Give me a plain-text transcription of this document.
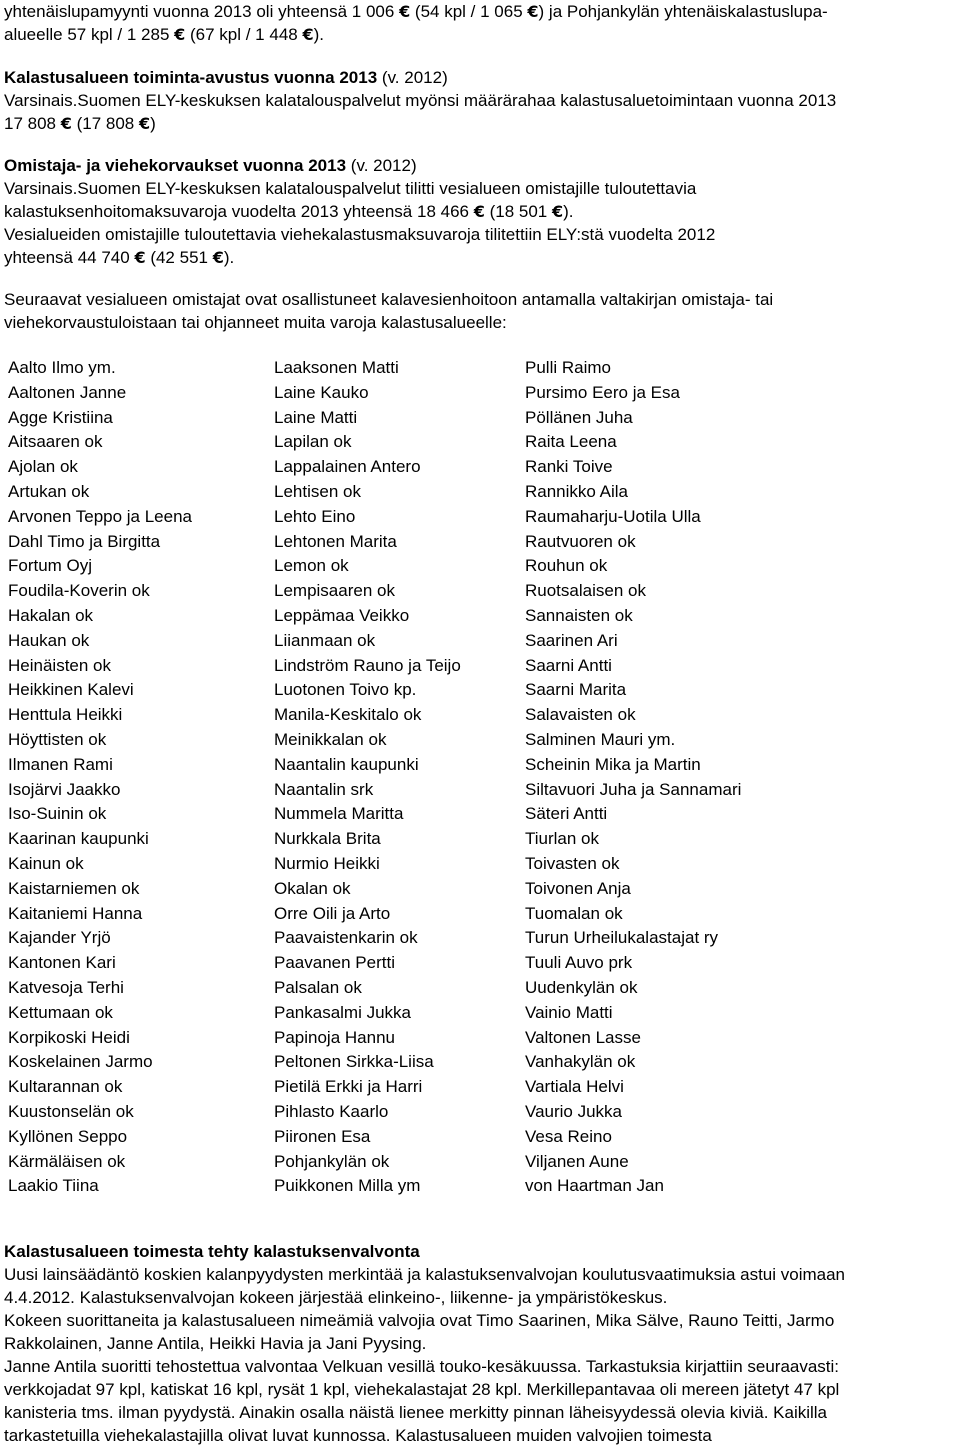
yhtenäislupamyynti vuonna 2013 oli yhteensä 1 006 € (54 kpl / 1 065 €) ja Pohjankylän yhtenäiskalastuslupa-

alueelle 57 kpl / 1 285 € (67 kpl / 1 448 €).

Kalastusalueen toiminta-avustus vuonna 2013 (v. 2012)

Varsinais.Suomen ELY-keskuksen kalatalouspalvelut myönsi määrärahaa kalastusaluetoimintaan vuonna 2013

17 808 € (17 808 €)

Omistaja- ja viehekorvaukset vuonna 2013 (v. 2012)

Varsinais.Suomen ELY-keskuksen kalatalouspalvelut tilitti vesialueen omistajille tuloutettavia

kalastuksenhoitomaksuvaroja vuodelta 2013 yhteensä 18 466 € (18 501 €).

Vesialueiden omistajille tuloutettavia viehekalastusmaksuvaroja tilitettiin ELY:stä vuodelta 2012

yhteensä 44 740 € (42 551 €).

Seuraavat vesialueen omistajat ovat osallistuneet kalavesienhoitoon antamalla valtakirjan omistaja- tai

viehekorvaustuloistaan tai ohjanneet muita varoja kalastusalueelle:

Aalto Ilmo ym.
Aaltonen Janne
Agge Kristiina
Aitsaaren ok
Ajolan ok
Artukan ok
Arvonen Teppo ja Leena
Dahl Timo ja Birgitta
Fortum Oyj
Foudila-Koverin ok
Hakalan ok
Haukan ok
Heinäisten ok
Heikkinen Kalevi
Henttula Heikki
Höyttisten ok
Ilmanen Rami
Isojärvi Jaakko
Iso-Suinin ok
Kaarinan kaupunki
Kainun ok
Kaistarniemen ok
Kaitaniemi Hanna
Kajander Yrjö
Kantonen Kari
Katvesoja Terhi
Kettumaan ok
Korpikoski Heidi
Koskelainen Jarmo
Kultarannan ok
Kuustonselän ok
Kyllönen Seppo
Kärmäläisen ok
Laakio Tiina
Laaksonen Matti
Laine Kauko
Laine Matti
Lapilan ok
Lappalainen Antero
Lehtisen ok
Lehto Eino
Lehtonen Marita
Lemon ok
Lempisaaren ok
Leppämaa Veikko
Liianmaan ok
Lindström Rauno ja Teijo
Luotonen Toivo kp.
Manila-Keskitalo ok
Meinikkalan ok
Naantalin kaupunki
Naantalin srk
Nummela Maritta
Nurkkala Brita
Nurmio Heikki
Okalan ok
Orre Oili ja Arto
Paavaistenkarin ok
Paavanen Pertti
Palsalan ok
Pankasalmi Jukka
Papinoja Hannu
Peltonen Sirkka-Liisa
Pietilä Erkki ja Harri
Pihlasto Kaarlo
Piironen Esa
Pohjankylän ok
Puikkonen Milla ym
Pulli Raimo
Pursimo Eero ja Esa
Pöllänen Juha
Raita Leena
Ranki Toive
Rannikko Aila
Raumaharju-Uotila Ulla
Rautvuoren ok
Rouhun ok
Ruotsalaisen ok
Sannaisten ok
Saarinen Ari
Saarni Antti
Saarni Marita
Salavaisten ok
Salminen Mauri ym.
Scheinin Mika ja Martin
Siltavuori Juha ja Sannamari
Säteri Antti
Tiurlan ok
Toivasten ok
Toivonen Anja
Tuomalan ok
Turun Urheilukalastajat ry
Tuuli Auvo prk
Uudenkylän ok
Vainio Matti
Valtonen Lasse
Vanhakylän ok
Vartiala Helvi
Vaurio Jukka
Vesa Reino
Viljanen Aune
von Haartman Jan

Kalastusalueen toimesta tehty kalastuksenvalvonta

Uusi lainsäädäntö koskien kalanpyydysten merkintää ja kalastuksenvalvojan koulutusvaatimuksia astui voimaan

4.4.2012. Kalastuksenvalvojan kokeen järjestää elinkeino-, liikenne- ja ympäristökeskus.

Kokeen suorittaneita ja kalastusalueen nimeämiä valvojia ovat Timo Saarinen, Mika Sälve, Rauno Teitti, Jarmo

Rakkolainen, Janne Antila, Heikki Havia ja Jani Pyysing.

Janne Antila suoritti tehostettua valvontaa Velkuan vesillä touko-kesäkuussa. Tarkastuksia kirjattiin seuraavasti:

verkkojadat 97 kpl, katiskat 16 kpl, rysät 1 kpl, viehekalastajat 28 kpl. Merkillepantavaa oli mereen jätetyt 47 kpl

kanisteria tms. ilman pyydystä. Ainakin osalla näistä lienee merkitty pinnan läheisyydessä olevia kiviä. Kaikilla

tarkastetuilla viehekalastajilla olivat luvat kunnossa. Kalastusalueen muiden valvojien toimesta
